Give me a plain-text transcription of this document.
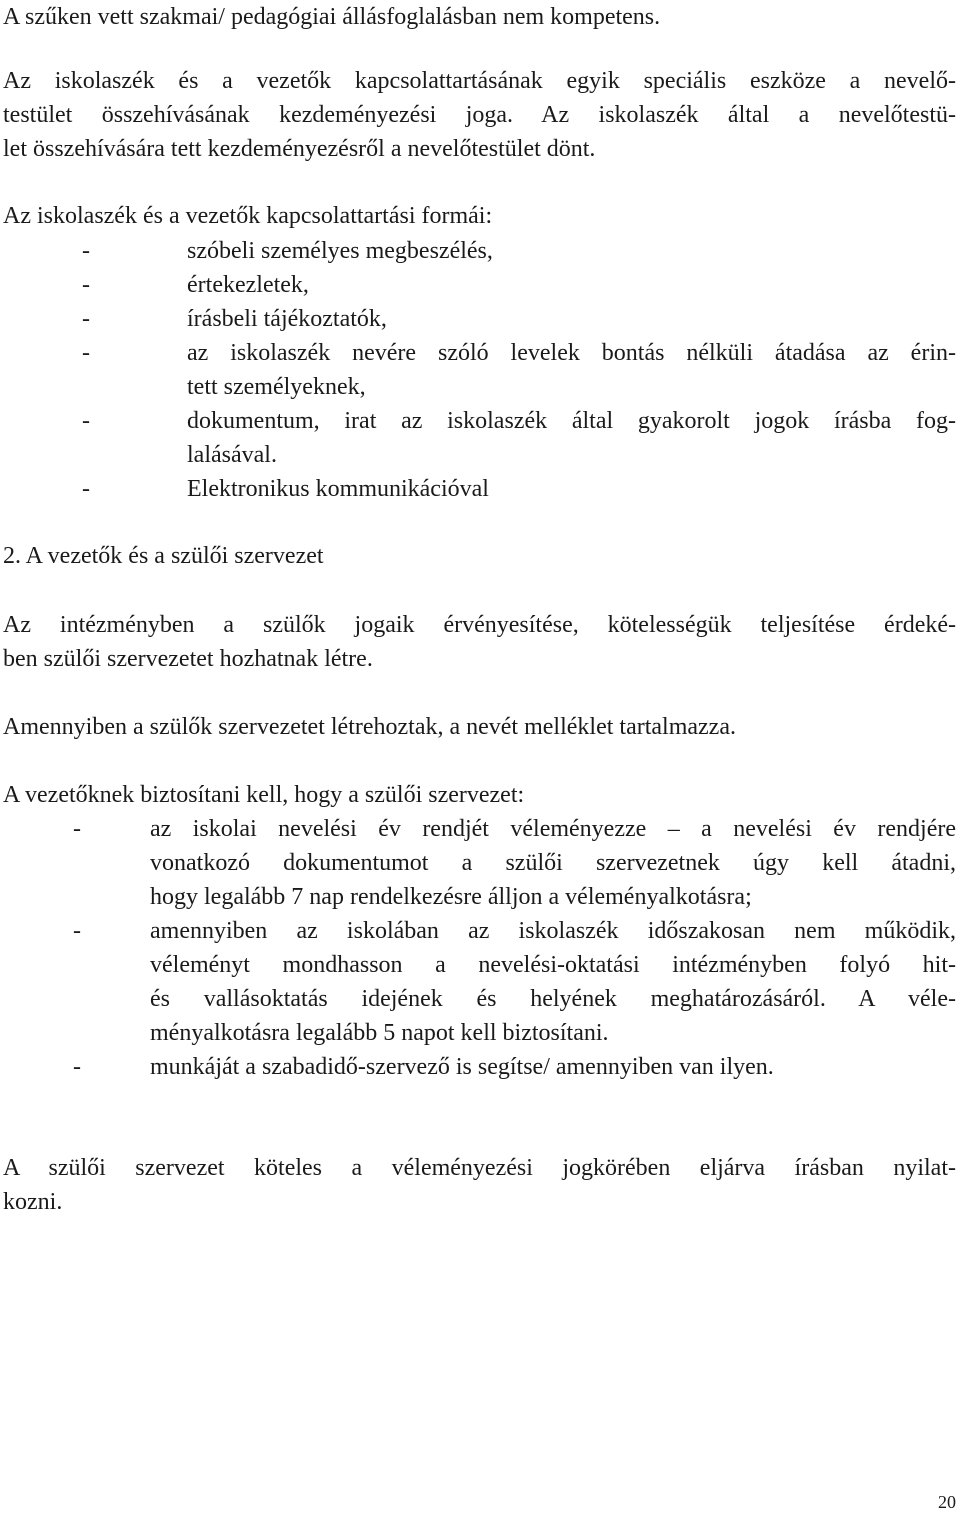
A szűken vett szakmai/ pedagógiai állásfoglalásban nem kompetens.
Az iskolaszék és a vezetők kapcsolattartásának egyik speciális eszköze a nevelő-
testület összehívásának kezdeményezési joga. Az iskolaszék által a nevelőtestü-
let összehívására tett kezdeményezésről a nevelőtestület dönt.
Az iskolaszék és a vezetők kapcsolattartási formái:
-	szóbeli személyes megbeszélés,
-	értekezletek,
-	írásbeli tájékoztatók,
-	az iskolaszék nevére szóló levelek bontás nélküli átadása az érin-
tett személyeknek,
-	dokumentum, irat az iskolaszék által gyakorolt jogok írásba fog-
lalásával.
-	Elektronikus kommunikációval
2. A vezetők és a szülői szervezet
Az intézményben a szülők jogaik érvényesítése, kötelességük teljesítése érdeké-
ben szülői szervezetet hozhatnak létre.
Amennyiben a szülők szervezetet létrehoztak, a nevét melléklet tartalmazza.
A vezetőknek biztosítani kell, hogy a szülői szervezet:
-	az iskolai nevelési év rendjét véleményezze – a nevelési év rendjére
vonatkozó dokumentumot a szülői szervezetnek úgy kell átadni,
hogy legalább 7 nap rendelkezésre álljon a véleményalkotásra;
-	amennyiben az iskolában az iskolaszék időszakosan nem működik,
véleményt mondhasson a nevelési-oktatási intézményben folyó hit-
és vallásoktatás idejének és helyének meghatározásáról. A véle-
ményalkotásra legalább 5 napot kell biztosítani.
-	munkáját a szabadidő-szervező is segítse/ amennyiben van ilyen.
A szülői szervezet köteles a véleményezési jogkörében eljárva írásban nyilat-
kozni.
20
